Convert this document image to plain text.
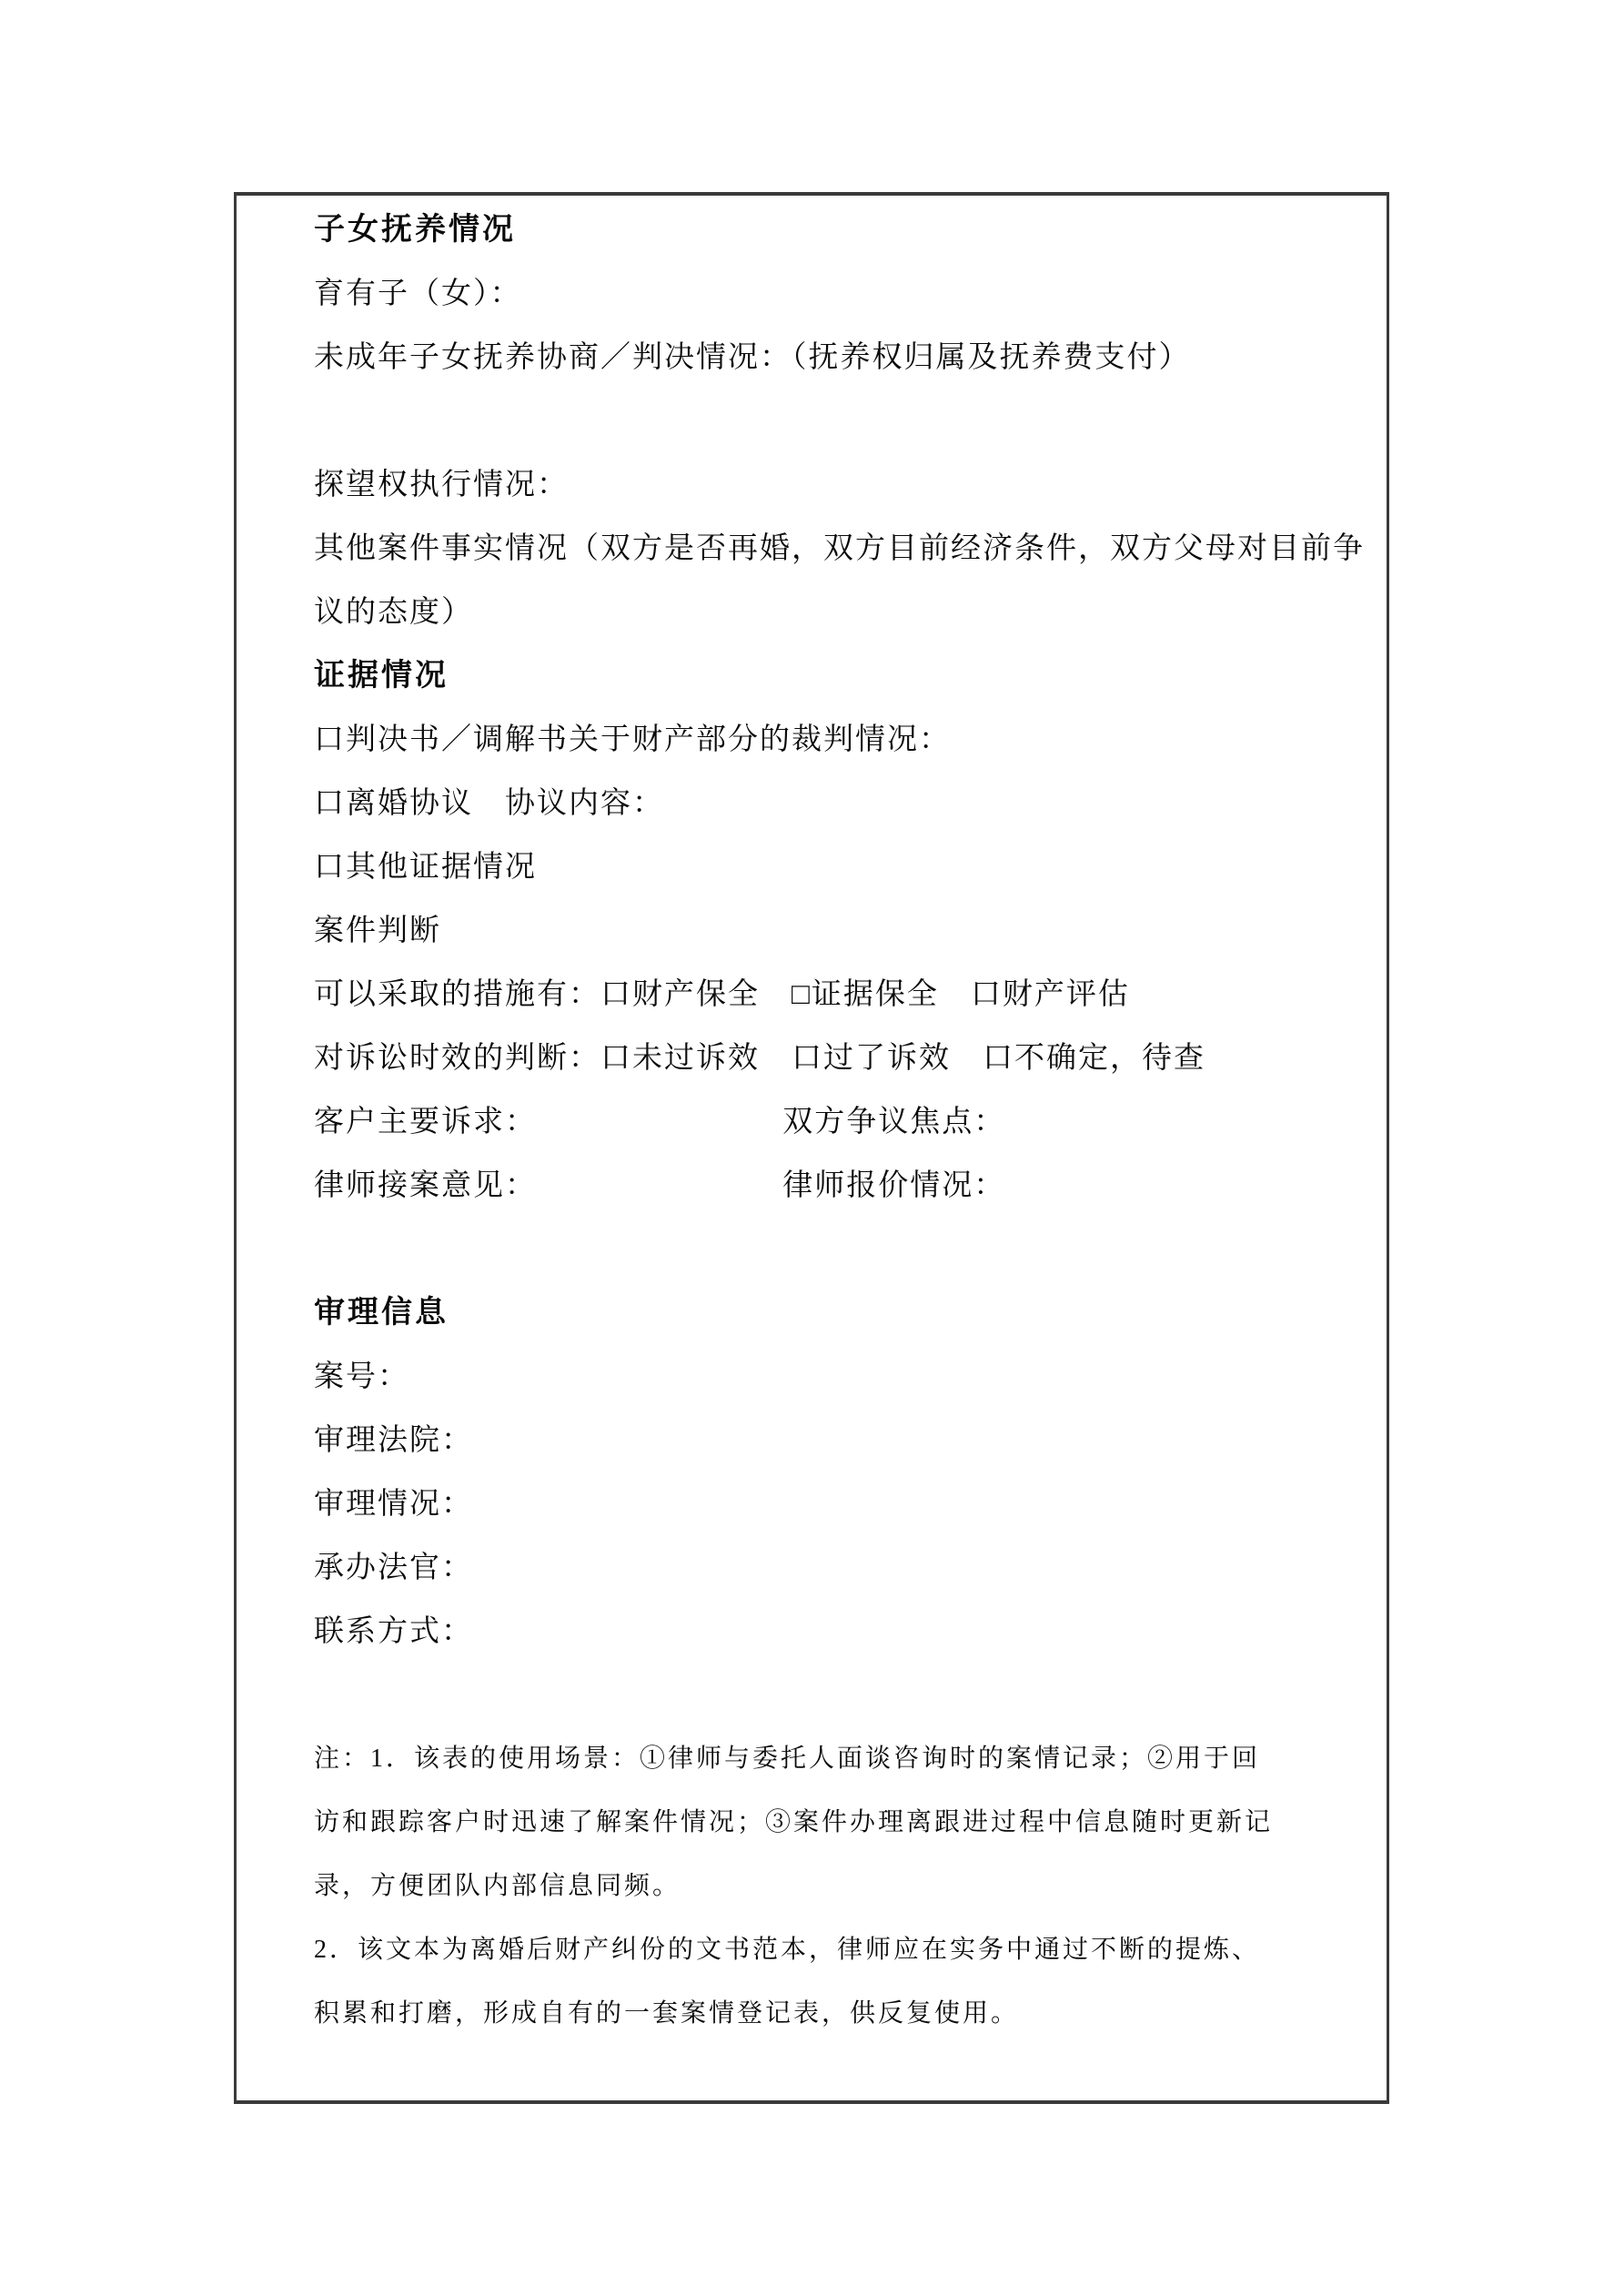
子女抚养情况
育有子（女）：
未成年子女抚养协商／判决情况：（抚养权归属及抚养费支付）
探望权执行情况：
其他案件事实情况（双方是否再婚，双方目前经济条件，双方父母对目前争
议的态度）
证据情况
口判决书／调解书关于财产部分的裁判情况：
口离婚协议　协议内容：
口其他证据情况
案件判断
可以采取的措施有：口财产保全　□证据保全　口财产评估
对诉讼时效的判断：口未过诉效　口过了诉效　口不确定，待查
客户主要诉求：	双方争议焦点：
律师接案意见：	律师报价情况：
审理信息
案号：
审理法院：
审理情况：
承办法官：
联系方式：
注：1．该表的使用场景：①律师与委托人面谈咨询时的案情记录；②用于回
访和跟踪客户时迅速了解案件情况；③案件办理离跟进过程中信息随时更新记
录，方便团队内部信息同频。
2．该文本为离婚后财产纠份的文书范本，律师应在实务中通过不断的提炼、
积累和打磨，形成自有的一套案情登记表，供反复使用。
